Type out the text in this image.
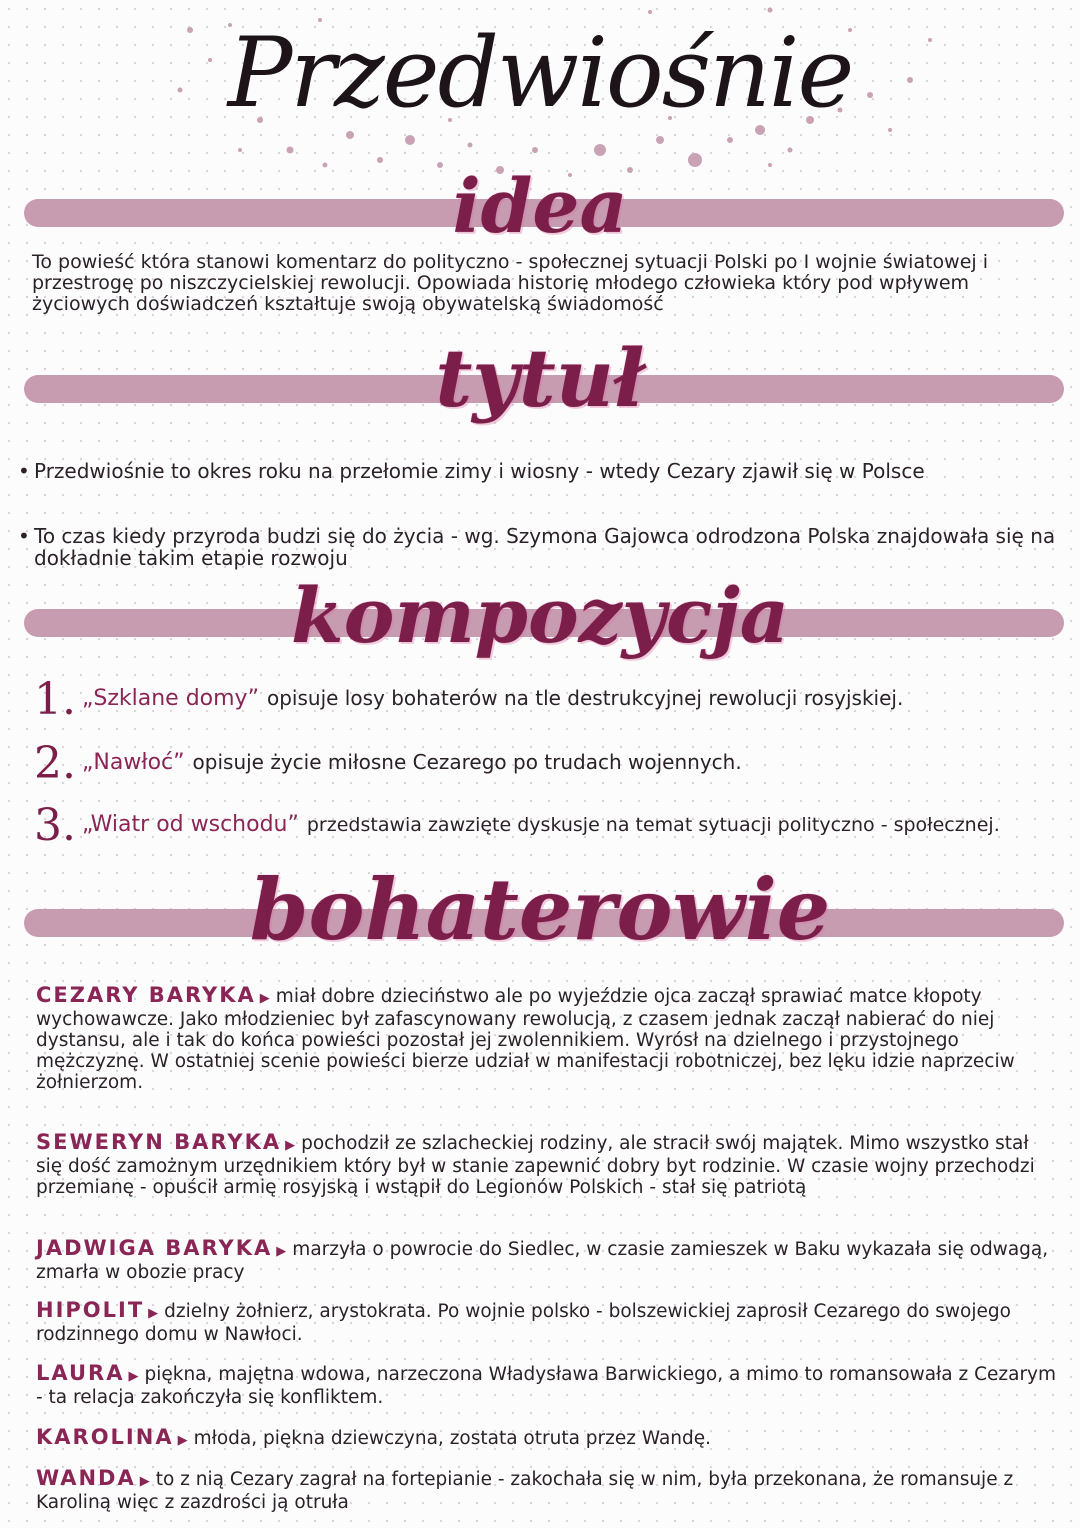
Przedwiośnie
idea

To powieść która stanowi komentarz do polityczno - społecznej sytuacji Polski po I wojnie światowej i przestrogę po niszczycielskiej rewolucji. Opowiada historię młodego człowieka który pod wpływem życiowych doświadczeń kształtuje swoją obywatelską świadomość

tytuł
• Przedwiośnie to okres roku na przełomie zimy i wiosny - wtedy Cezary zjawił się w Polsce
• To czas kiedy przyroda budzi się do życia - wg. Szymona Gajowca odrodzona Polska znajdowała się na dokładnie takim etapie rozwoju
kompozycja
1. „Szklane domy” opisuje losy bohaterów na tle destrukcyjnej rewolucji rosyjskiej.
2. „Nawłoć” opisuje życie miłosne Cezarego po trudach wojennych.
3. „Wiatr od wschodu” przedstawia zawzięte dyskusje na temat sytuacji polityczno - społecznej.
bohaterowie
CEZARY BARYKA ▶ miał dobre dzieciństwo ale po wyjeździe ojca zaczął sprawiać matce kłopoty wychowawcze. Jako młodzieniec był zafascynowany rewolucją, z czasem jednak zaczął nabierać do niej dystansu, ale i tak do końca powieści pozostał jej zwolennikiem. Wyrósł na dzielnego i przystojnego mężczyznę. W ostatniej scenie powieści bierze udział w manifestacji robotniczej, bez lęku idzie naprzeciw żołnierzom.
SEWERYN BARYKA ▶ pochodził ze szlacheckiej rodziny, ale stracił swój majątek. Mimo wszystko stał się dość zamożnym urzędnikiem który był w stanie zapewnić dobry byt rodzinie. W czasie wojny przechodzi przemianę - opuścił armię rosyjską i wstąpił do Legionów Polskich - stał się patriotą
JADWIGA BARYKA ▶ marzyła o powrocie do Siedlec, w czasie zamieszek w Baku wykazała się odwagą, zmarła w obozie pracy
HIPOLIT ▶ dzielny żołnierz, arystokrata. Po wojnie polsko - bolszewickiej zaprosił Cezarego do swojego rodzinnego domu w Nawłoci.
LAURA ▶ piękna, majętna wdowa, narzeczona Władysława Barwickiego, a mimo to romansowała z Cezarym - ta relacja zakończyła się konfliktem.
KAROLINA ▶ młoda, piękna dziewczyna, zostata otruta przez Wandę.
WANDA ▶ to z nią Cezary zagrał na fortepianie - zakochała się w nim, była przekonana, że romansuje z Karoliną więc z zazdrości ją otruła
